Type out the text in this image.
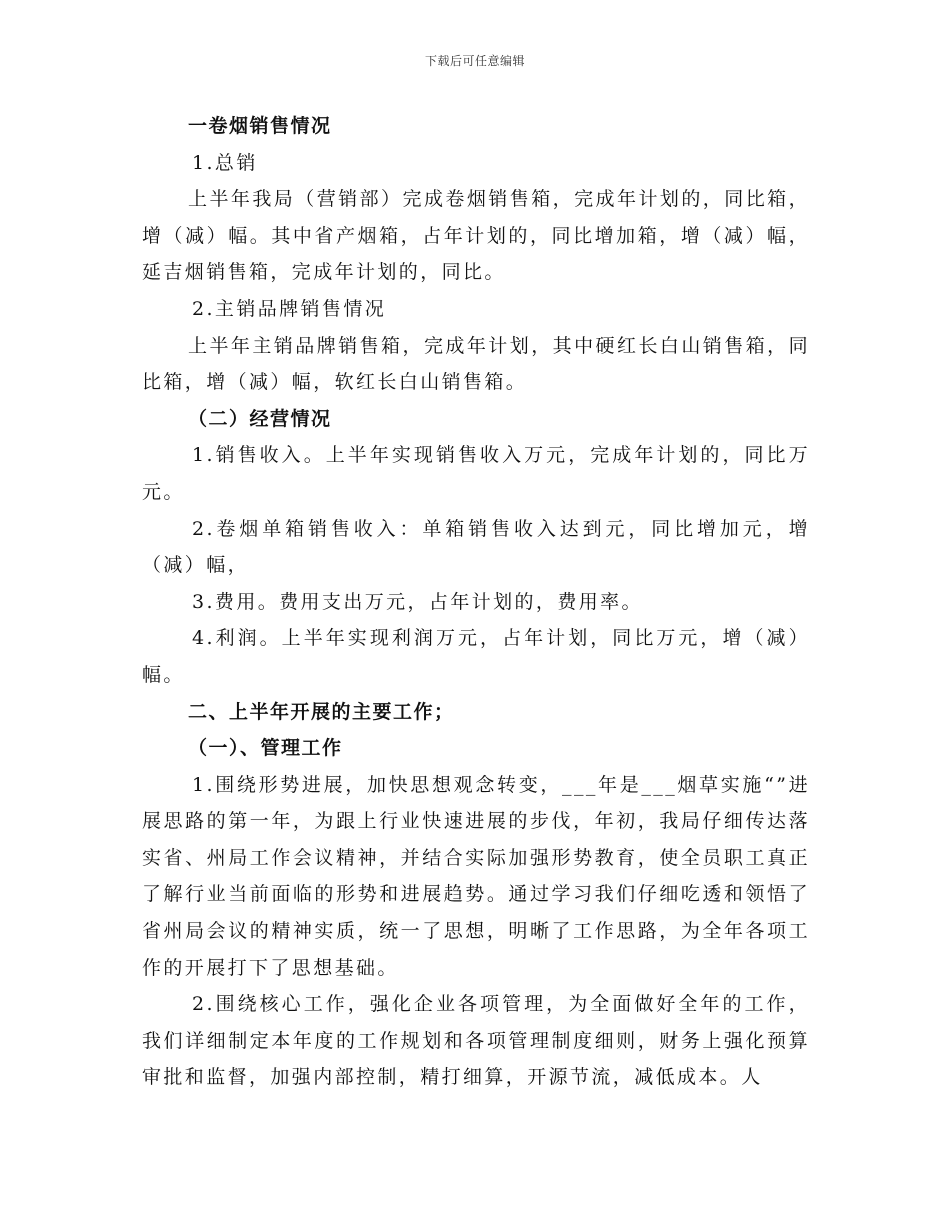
下载后可任意编辑
一卷烟销售情况
1.总销

上半年我局（营销部）完成卷烟销售箱，完成年计划的，同比箱，增（减）幅。其中省产烟箱，占年计划的，同比增加箱，增（减）幅，延吉烟销售箱，完成年计划的，同比。

2.主销品牌销售情况

上半年主销品牌销售箱，完成年计划，其中硬红长白山销售箱，同比箱，增（减）幅，软红长白山销售箱。

（二）经营情况

1.销售收入。上半年实现销售收入万元，完成年计划的，同比万元。

2.卷烟单箱销售收入：单箱销售收入达到元，同比增加元，增（减）幅，

3.费用。费用支出万元，占年计划的，费用率。

4.利润。上半年实现利润万元，占年计划，同比万元，增（减）幅。

二、上半年开展的主要工作；
（一）、管理工作

1.围绕形势进展，加快思想观念转变，___年是___烟草实施“”进展思路的第一年，为跟上行业快速进展的步伐，年初，我局仔细传达落实省、州局工作会议精神，并结合实际加强形势教育，使全员职工真正了解行业当前面临的形势和进展趋势。通过学习我们仔细吃透和领悟了省州局会议的精神实质，统一了思想，明晰了工作思路，为全年各项工作的开展打下了思想基础。

2.围绕核心工作，强化企业各项管理，为全面做好全年的工作，我们详细制定本年度的工作规划和各项管理制度细则，财务上强化预算审批和监督，加强内部控制，精打细算，开源节流，减低成本。人
